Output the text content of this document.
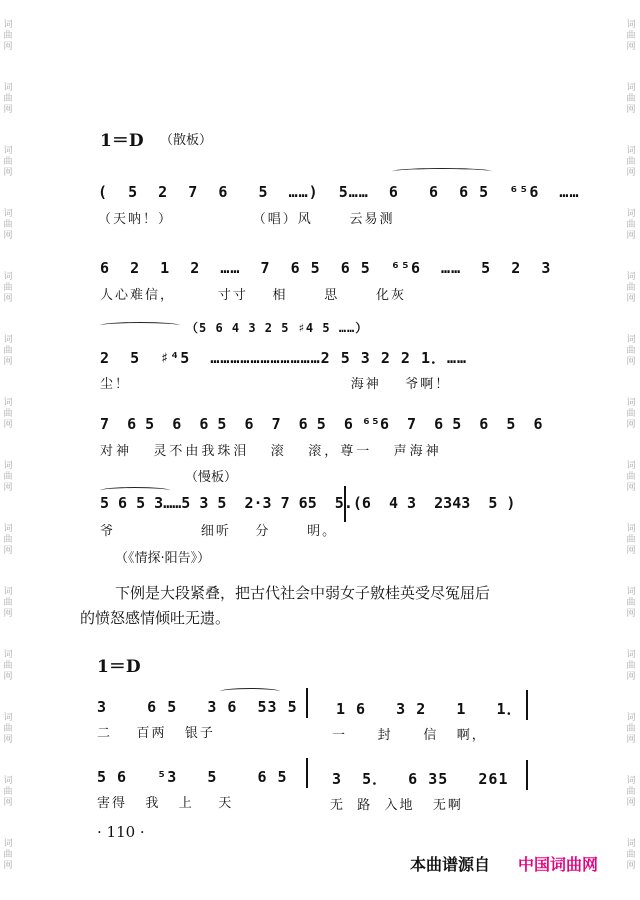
词曲网
词曲网
词曲网
词曲网
词曲网
词曲网
词曲网
词曲网
词曲网
词曲网
词曲网
词曲网
词曲网
词曲网
词曲网
词曲网
词曲网
词曲网
词曲网
词曲网
词曲网
词曲网
词曲网
词曲网
词曲网
词曲网
词曲网
词曲网
1＝D （散板）
(  5  2  7  6   5  ……)  5……  6   6  6 5  ⁶⁵6  ……
（天呐！）             （唱）风      云易测
6  2  1  2  ……  7  6 5  6 5  ⁶⁵6  ……  5  2  3
人心难信，       寸寸    相      思      化灰
（5 6 4 3 2 5 ♯4 5 ……）
2  5  ♯⁴5  ……………………………2 5 3 2 2 1．……
尘！                                    海神    爷啊！
7  6 5  6  6 5  6  7  6 5  6 ⁶⁵6  7  6 5  6  5  6
对神   灵不由我珠泪   滚   滚，尊一   声海神
（慢板）
5 6 5 3……5 3 5  2·3 7 65  5.(6  4 3  2343  5 )
爷              细听    分      明。
（《情探·阳告》）
下例是大段紧叠，把古代社会中弱女子敫桂英受尽冤屈后
的愤怒感情倾吐无遗。
1＝D
3    6 5   3 6  53 5	1 6   3 2   1   1．
二    百两   银子	一     封     信   啊，
5 6   ⁵3   5    6 5	3  5．  6 35   261
害得   我   上    天	无  路  入地   无啊
· 110 ·
本曲谱源自 中国词曲网
